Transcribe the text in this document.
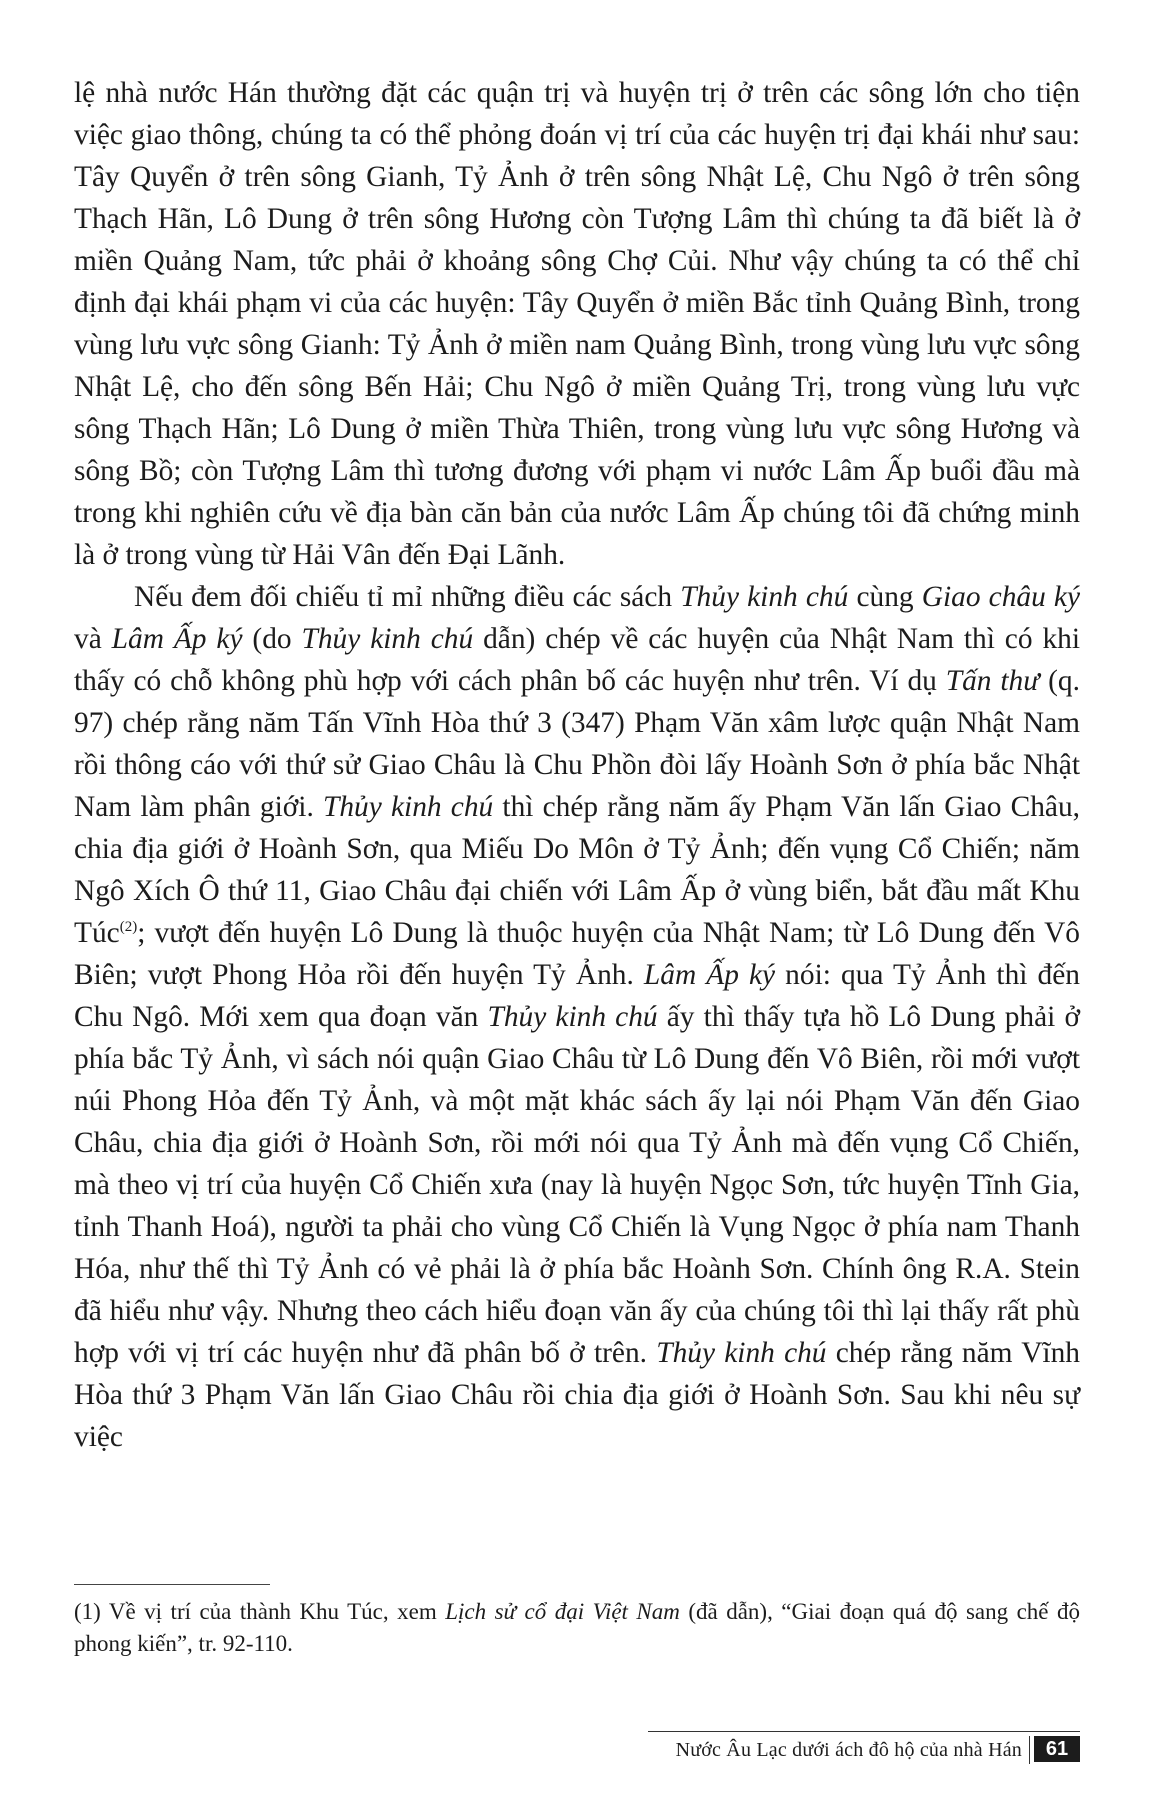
lệ nhà nước Hán thường đặt các quận trị và huyện trị ở trên các sông lớn cho tiện việc giao thông, chúng ta có thể phỏng đoán vị trí của các huyện trị đại khái như sau: Tây Quyển ở trên sông Gianh, Tỷ Ảnh ở trên sông Nhật Lệ, Chu Ngô ở trên sông Thạch Hãn, Lô Dung ở trên sông Hương còn Tượng Lâm thì chúng ta đã biết là ở miền Quảng Nam, tức phải ở khoảng sông Chợ Củi. Như vậy chúng ta có thể chỉ định đại khái phạm vi của các huyện: Tây Quyển ở miền Bắc tỉnh Quảng Bình, trong vùng lưu vực sông Gianh: Tỷ Ảnh ở miền nam Quảng Bình, trong vùng lưu vực sông Nhật Lệ, cho đến sông Bến Hải; Chu Ngô ở miền Quảng Trị, trong vùng lưu vực sông Thạch Hãn; Lô Dung ở miền Thừa Thiên, trong vùng lưu vực sông Hương và sông Bồ; còn Tượng Lâm thì tương đương với phạm vi nước Lâm Ấp buổi đầu mà trong khi nghiên cứu về địa bàn căn bản của nước Lâm Ấp chúng tôi đã chứng minh là ở trong vùng từ Hải Vân đến Đại Lãnh.

Nếu đem đối chiếu tỉ mỉ những điều các sách Thủy kinh chú cùng Giao châu ký và Lâm Ấp ký (do Thủy kinh chú dẫn) chép về các huyện của Nhật Nam thì có khi thấy có chỗ không phù hợp với cách phân bố các huyện như trên. Ví dụ Tấn thư (q. 97) chép rằng năm Tấn Vĩnh Hòa thứ 3 (347) Phạm Văn xâm lược quận Nhật Nam rồi thông cáo với thứ sử Giao Châu là Chu Phồn đòi lấy Hoành Sơn ở phía bắc Nhật Nam làm phân giới. Thủy kinh chú thì chép rằng năm ấy Phạm Văn lấn Giao Châu, chia địa giới ở Hoành Sơn, qua Miếu Do Môn ở Tỷ Ảnh; đến vụng Cổ Chiến; năm Ngô Xích Ô thứ 11, Giao Châu đại chiến với Lâm Ấp ở vùng biển, bắt đầu mất Khu Túc$^{(2)}$; vượt đến huyện Lô Dung là thuộc huyện của Nhật Nam; từ Lô Dung đến Vô Biên; vượt Phong Hỏa rồi đến huyện Tỷ Ảnh. Lâm Ấp ký nói: qua Tỷ Ảnh thì đến Chu Ngô. Mới xem qua đoạn văn Thủy kinh chú ấy thì thấy tựa hồ Lô Dung phải ở phía bắc Tỷ Ảnh, vì sách nói quận Giao Châu từ Lô Dung đến Vô Biên, rồi mới vượt núi Phong Hỏa đến Tỷ Ảnh, và một mặt khác sách ấy lại nói Phạm Văn đến Giao Châu, chia địa giới ở Hoành Sơn, rồi mới nói qua Tỷ Ảnh mà đến vụng Cổ Chiến, mà theo vị trí của huyện Cổ Chiến xưa (nay là huyện Ngọc Sơn, tức huyện Tĩnh Gia, tỉnh Thanh Hoá), người ta phải cho vùng Cổ Chiến là Vụng Ngọc ở phía nam Thanh Hóa, như thế thì Tỷ Ảnh có vẻ phải là ở phía bắc Hoành Sơn. Chính ông R.A. Stein đã hiểu như vậy. Nhưng theo cách hiểu đoạn văn ấy của chúng tôi thì lại thấy rất phù hợp với vị trí các huyện như đã phân bố ở trên. Thủy kinh chú chép rằng năm Vĩnh Hòa thứ 3 Phạm Văn lấn Giao Châu rồi chia địa giới ở Hoành Sơn. Sau khi nêu sự việc

(1) Về vị trí của thành Khu Túc, xem Lịch sử cổ đại Việt Nam (đã dẫn), “Giai đoạn quá độ sang chế độ phong kiến”, tr. 92-110.

Nước Âu Lạc dưới ách đô hộ của nhà Hán	61
